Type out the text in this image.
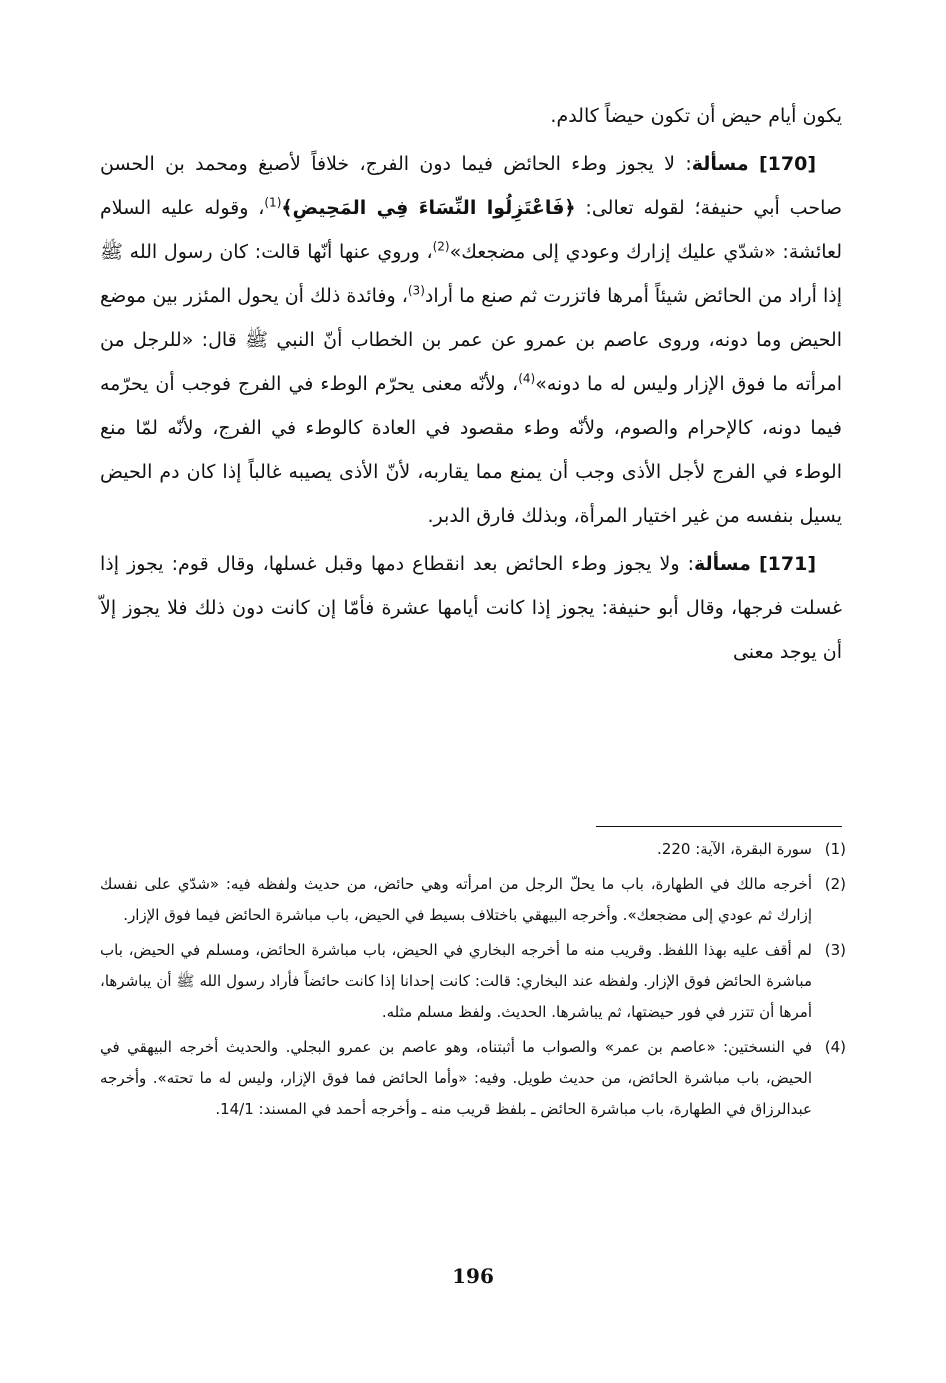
يكون أيام حيض أن تكون حيضاً كالدم.

[170] مسألة: لا يجوز وطء الحائض فيما دون الفرج، خلافاً لأصبغ ومحمد بن الحسن صاحب أبي حنيفة؛ لقوله تعالى: ﴿فَاعْتَزِلُوا النِّسَاءَ فِي المَحِيضِ﴾$^{(1)}$، وقوله عليه السلام لعائشة: «شدّي عليك إزارك وعودي إلى مضجعك»$^{(2)}$، وروي عنها أنّها قالت: كان رسول الله ﷺ إذا أراد من الحائض شيئاً أمرها فاتزرت ثم صنع ما أراد$^{(3)}$، وفائدة ذلك أن يحول المئزر بين موضع الحيض وما دونه، وروى عاصم بن عمرو عن عمر بن الخطاب أنّ النبي ﷺ قال: «للرجل من امرأته ما فوق الإزار وليس له ما دونه»$^{(4)}$، ولأنّه معنى يحرّم الوطء في الفرج فوجب أن يحرّمه فيما دونه، كالإحرام والصوم، ولأنّه وطء مقصود في العادة كالوطء في الفرج، ولأنّه لمّا منع الوطء في الفرج لأجل الأذى وجب أن يمنع مما يقاربه، لأنّ الأذى يصيبه غالباً إذا كان دم الحيض يسيل بنفسه من غير اختيار المرأة، وبذلك فارق الدبر.

[171] مسألة: ولا يجوز وطء الحائض بعد انقطاع دمها وقبل غسلها، وقال قوم: يجوز إذا غسلت فرجها، وقال أبو حنيفة: يجوز إذا كانت أيامها عشرة فأمّا إن كانت دون ذلك فلا يجوز إلاّ أن يوجد معنى

(1)
سورة البقرة، الآية: 220.
(2)
أخرجه مالك في الطهارة، باب ما يحلّ الرجل من امرأته وهي حائض، من حديث ولفظه فيه: «شدّي على نفسك إزارك ثم عودي إلى مضجعك». وأخرجه البيهقي باختلاف بسيط في الحيض، باب مباشرة الحائض فيما فوق الإزار.
(3)
لم أقف عليه بهذا اللفظ. وقريب منه ما أخرجه البخاري في الحيض، باب مباشرة الحائض، ومسلم في الحيض، باب مباشرة الحائض فوق الإزار. ولفظه عند البخاري: قالت: كانت إحدانا إذا كانت حائضاً فأراد رسول الله ﷺ أن يباشرها، أمرها أن تتزر في فور حيضتها، ثم يباشرها. الحديث. ولفظ مسلم مثله.
(4)
في النسختين: «عاصم بن عمر» والصواب ما أثبتناه، وهو عاصم بن عمرو البجلي. والحديث أخرجه البيهقي في الحيض، باب مباشرة الحائض، من حديث طويل. وفيه: «وأما الحائض فما فوق الإزار، وليس له ما تحته». وأخرجه عبدالرزاق في الطهارة، باب مباشرة الحائض ـ بلفظ قريب منه ـ وأخرجه أحمد في المسند: 14/1.
196
